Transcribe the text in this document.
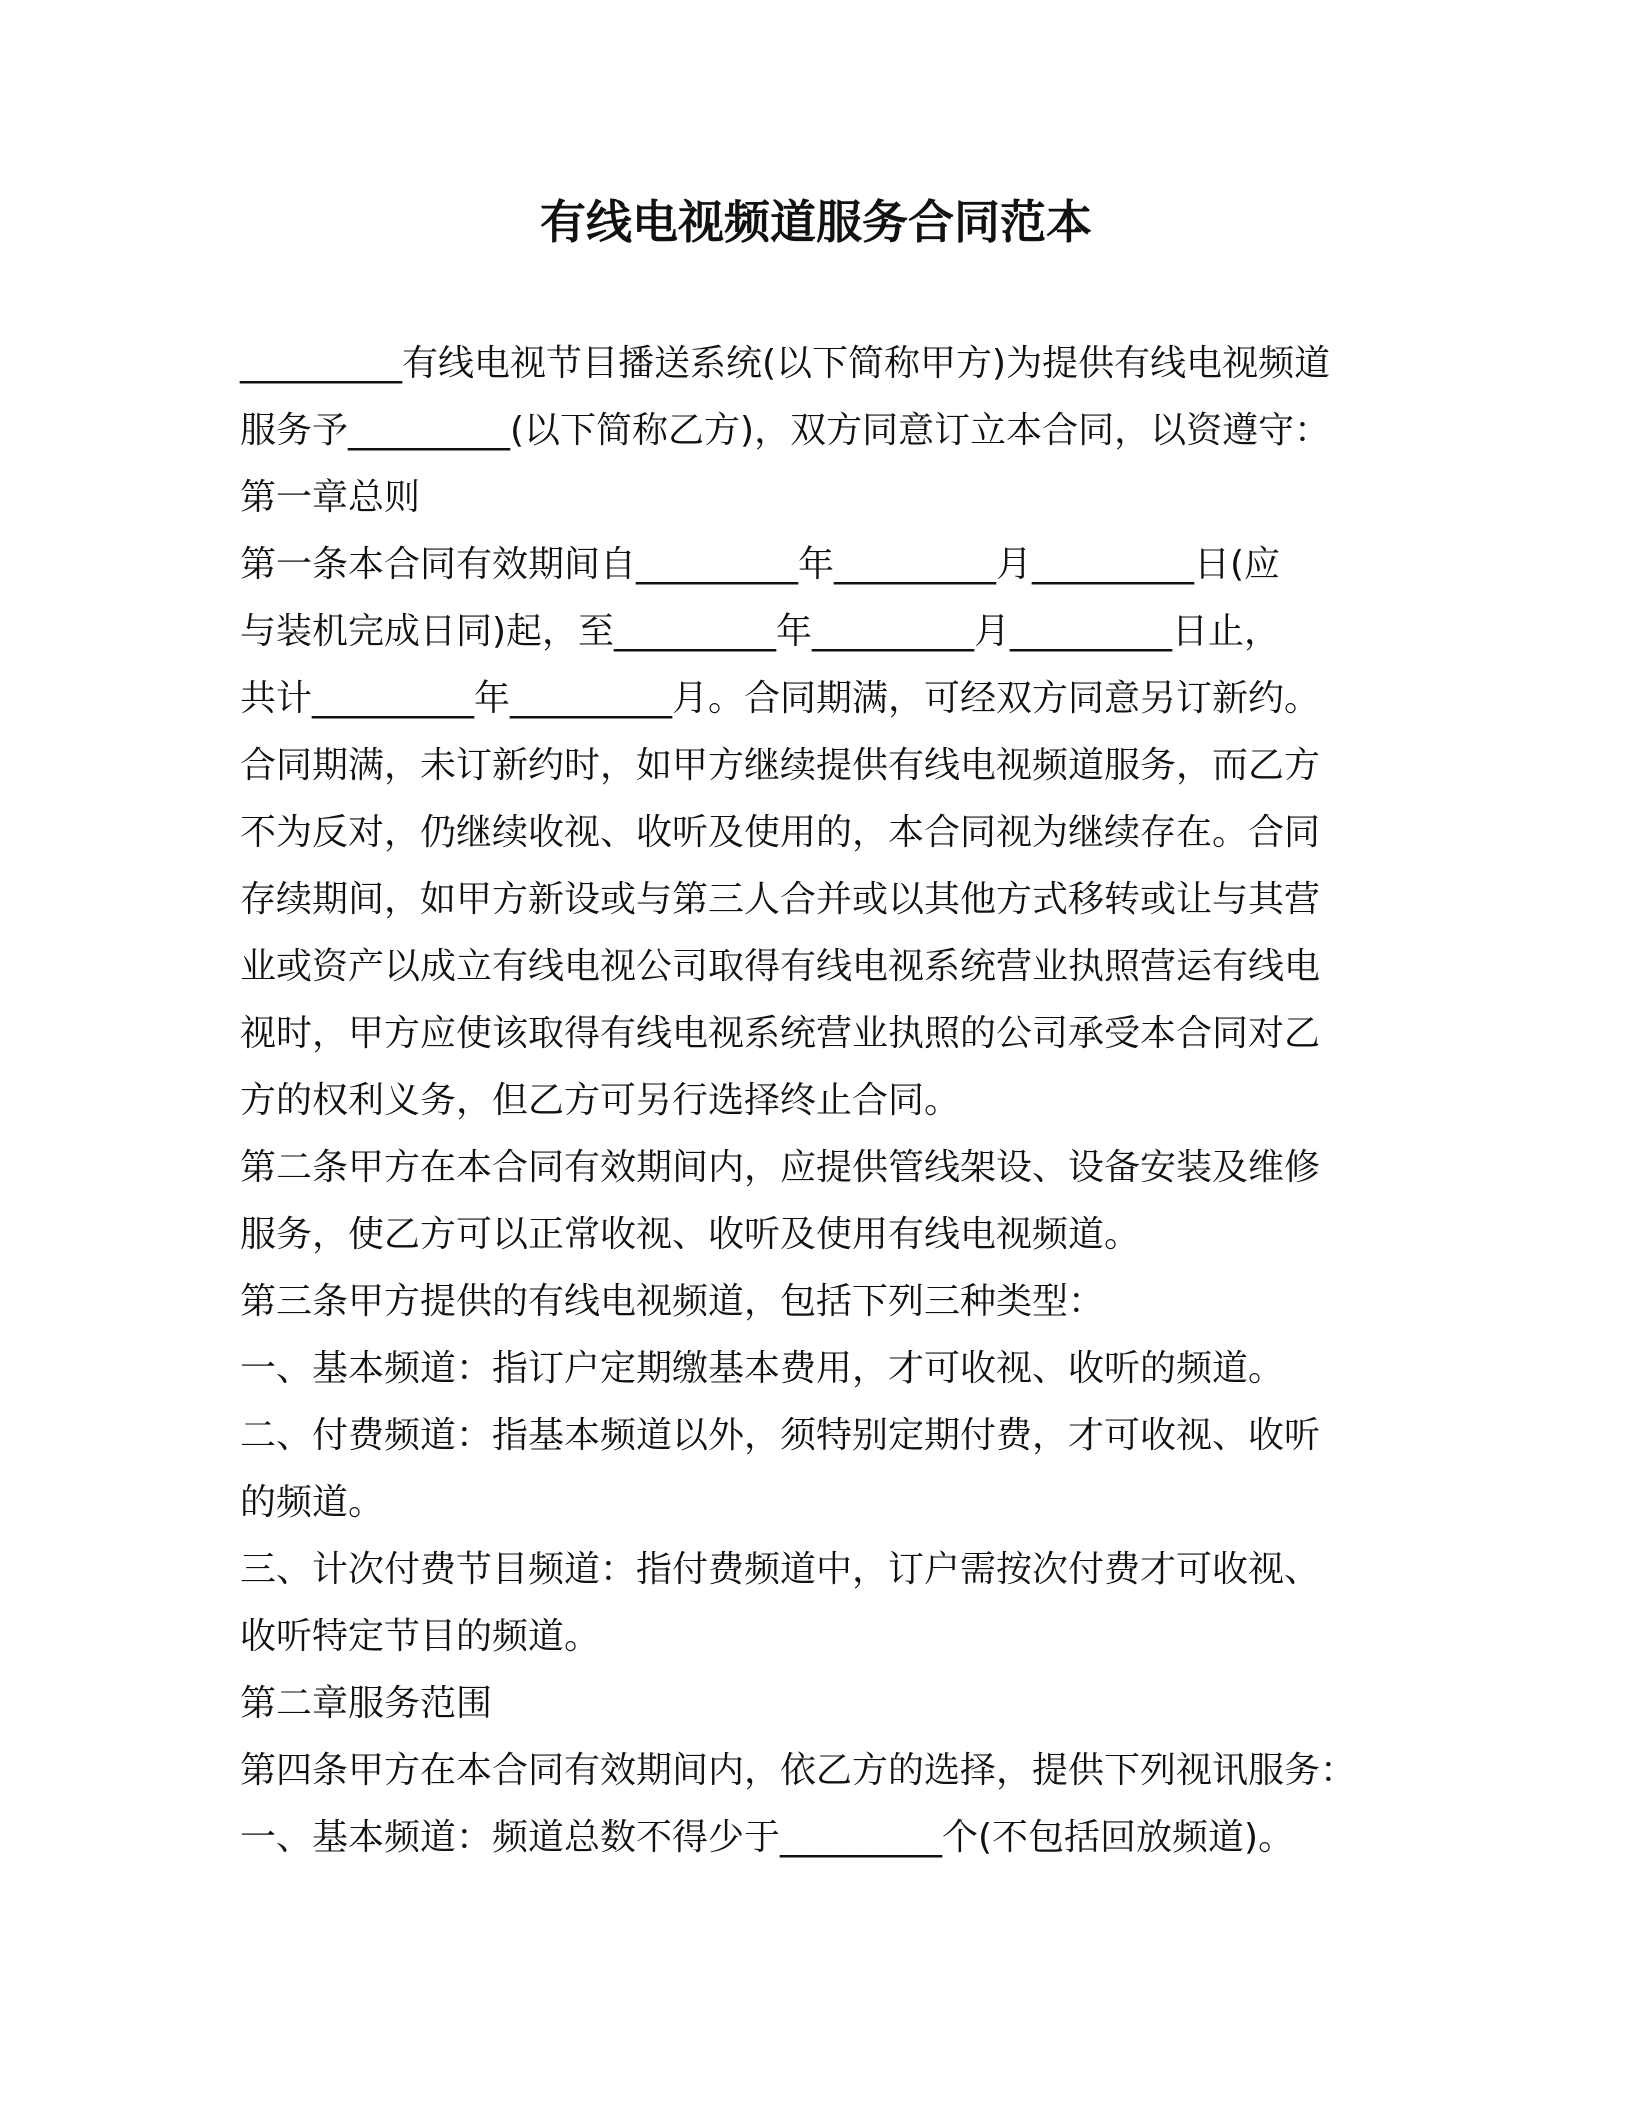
有线电视频道服务合同范本
_________有线电视节目播送系统(以下简称甲方)为提供有线电视频道
服务予_________(以下简称乙方)，双方同意订立本合同，以资遵守：
第一章总则
第一条本合同有效期间自_________年_________月_________日(应
与装机完成日同)起，至_________年_________月_________日止，
共计_________年_________月。合同期满，可经双方同意另订新约。
合同期满，未订新约时，如甲方继续提供有线电视频道服务，而乙方
不为反对，仍继续收视、收听及使用的，本合同视为继续存在。合同
存续期间，如甲方新设或与第三人合并或以其他方式移转或让与其营
业或资产以成立有线电视公司取得有线电视系统营业执照营运有线电
视时，甲方应使该取得有线电视系统营业执照的公司承受本合同对乙
方的权利义务，但乙方可另行选择终止合同。
第二条甲方在本合同有效期间内，应提供管线架设、设备安装及维修
服务，使乙方可以正常收视、收听及使用有线电视频道。
第三条甲方提供的有线电视频道，包括下列三种类型：
一、基本频道：指订户定期缴基本费用，才可收视、收听的频道。
二、付费频道：指基本频道以外，须特别定期付费，才可收视、收听
的频道。
三、计次付费节目频道：指付费频道中，订户需按次付费才可收视、
收听特定节目的频道。
第二章服务范围
第四条甲方在本合同有效期间内，依乙方的选择，提供下列视讯服务：
一、基本频道：频道总数不得少于_________个(不包括回放频道)。
